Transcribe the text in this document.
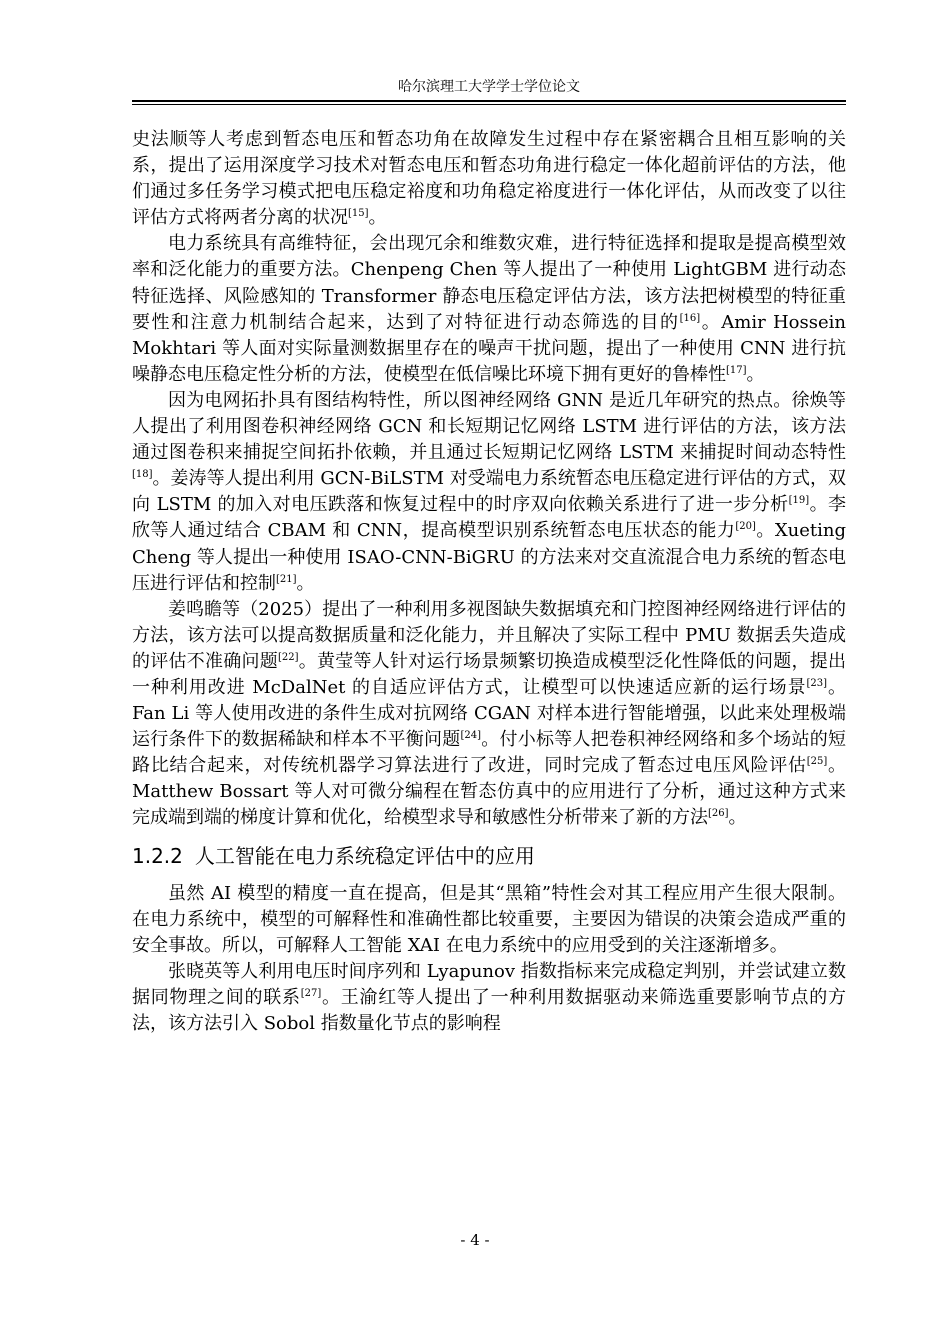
哈尔滨理工大学学士学位论文

史法顺等人考虑到暂态电压和暂态功角在故障发生过程中存在紧密耦合且相互影响的关系，提出了运用深度学习技术对暂态电压和暂态功角进行稳定一体化超前评估的方法，他们通过多任务学习模式把电压稳定裕度和功角稳定裕度进行一体化评估，从而改变了以往评估方式将两者分离的状况[15]。

电力系统具有高维特征，会出现冗余和维数灾难，进行特征选择和提取是提高模型效率和泛化能力的重要方法。Chenpeng Chen 等人提出了一种使用 LightGBM 进行动态特征选择、风险感知的 Transformer 静态电压稳定评估方法，该方法把树模型的特征重要性和注意力机制结合起来，达到了对特征进行动态筛选的目的[16]。Amir Hossein Mokhtari 等人面对实际量测数据里存在的噪声干扰问题，提出了一种使用 CNN 进行抗噪静态电压稳定性分析的方法，使模型在低信噪比环境下拥有更好的鲁棒性[17]。

因为电网拓扑具有图结构特性，所以图神经网络 GNN 是近几年研究的热点。徐焕等人提出了利用图卷积神经网络 GCN 和长短期记忆网络 LSTM 进行评估的方法，该方法通过图卷积来捕捉空间拓扑依赖，并且通过长短期记忆网络 LSTM 来捕捉时间动态特性[18]。姜涛等人提出利用 GCN-BiLSTM 对受端电力系统暂态电压稳定进行评估的方式，双向 LSTM 的加入对电压跌落和恢复过程中的时序双向依赖关系进行了进一步分析[19]。李欣等人通过结合 CBAM 和 CNN，提高模型识别系统暂态电压状态的能力[20]。Xueting Cheng 等人提出一种使用 ISAO-CNN-BiGRU 的方法来对交直流混合电力系统的暂态电压进行评估和控制[21]。

姜鸣瞻等（2025）提出了一种利用多视图缺失数据填充和门控图神经网络进行评估的方法，该方法可以提高数据质量和泛化能力，并且解决了实际工程中 PMU 数据丢失造成的评估不准确问题[22]。黄莹等人针对运行场景频繁切换造成模型泛化性降低的问题，提出一种利用改进 McDalNet 的自适应评估方式，让模型可以快速适应新的运行场景[23]。Fan Li 等人使用改进的条件生成对抗网络 CGAN 对样本进行智能增强，以此来处理极端运行条件下的数据稀缺和样本不平衡问题[24]。付小标等人把卷积神经网络和多个场站的短路比结合起来，对传统机器学习算法进行了改进，同时完成了暂态过电压风险评估[25]。Matthew Bossart 等人对可微分编程在暂态仿真中的应用进行了分析，通过这种方式来完成端到端的梯度计算和优化，给模型求导和敏感性分析带来了新的方法[26]。

1.2.2 人工智能在电力系统稳定评估中的应用

虽然 AI 模型的精度一直在提高，但是其“黑箱”特性会对其工程应用产生很大限制。在电力系统中，模型的可解释性和准确性都比较重要，主要因为错误的决策会造成严重的安全事故。所以，可解释人工智能 XAI 在电力系统中的应用受到的关注逐渐增多。

张晓英等人利用电压时间序列和 Lyapunov 指数指标来完成稳定判别，并尝试建立数据同物理之间的联系[27]。王渝红等人提出了一种利用数据驱动来筛选重要影响节点的方法，该方法引入 Sobol 指数量化节点的影响程

- 4 -
